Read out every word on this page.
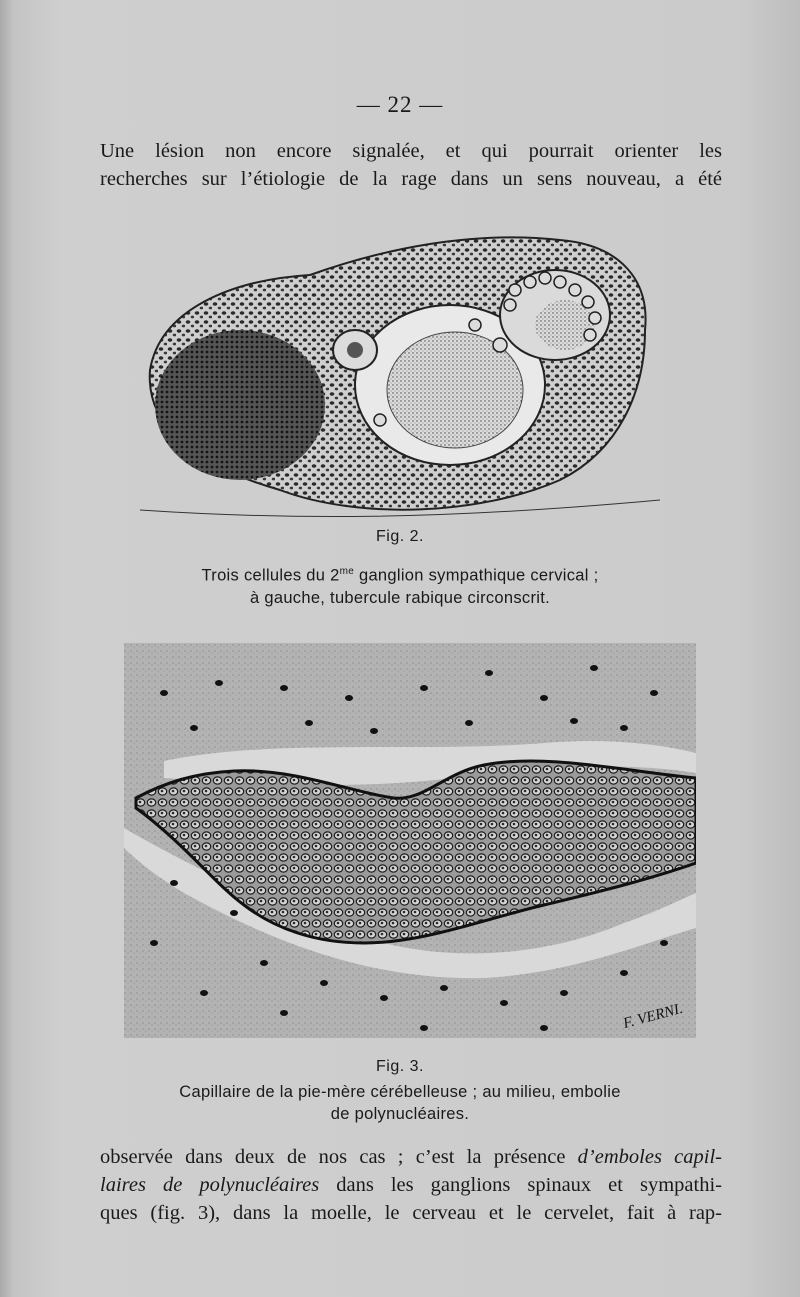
— 22 —
Une lésion non encore signalée, et qui pourrait orienter les
recherches sur l’étiologie de la rage dans un sens nouveau, a été
Fig. 2.
Trois cellules du $2^{me}$ ganglion sympathique cervical ;
à gauche, tubercule rabique circonscrit.
F. VERNI.
Fig. 3.
Capillaire de la pie-mère cérébelleuse ; au milieu, embolie
de polynucléaires.
observée dans deux de nos cas ; c’est la présence d’emboles capil-
laires de polynucléaires dans les ganglions spinaux et sympathi-
ques (fig. 3), dans la moelle, le cerveau et le cervelet, fait à rap-
